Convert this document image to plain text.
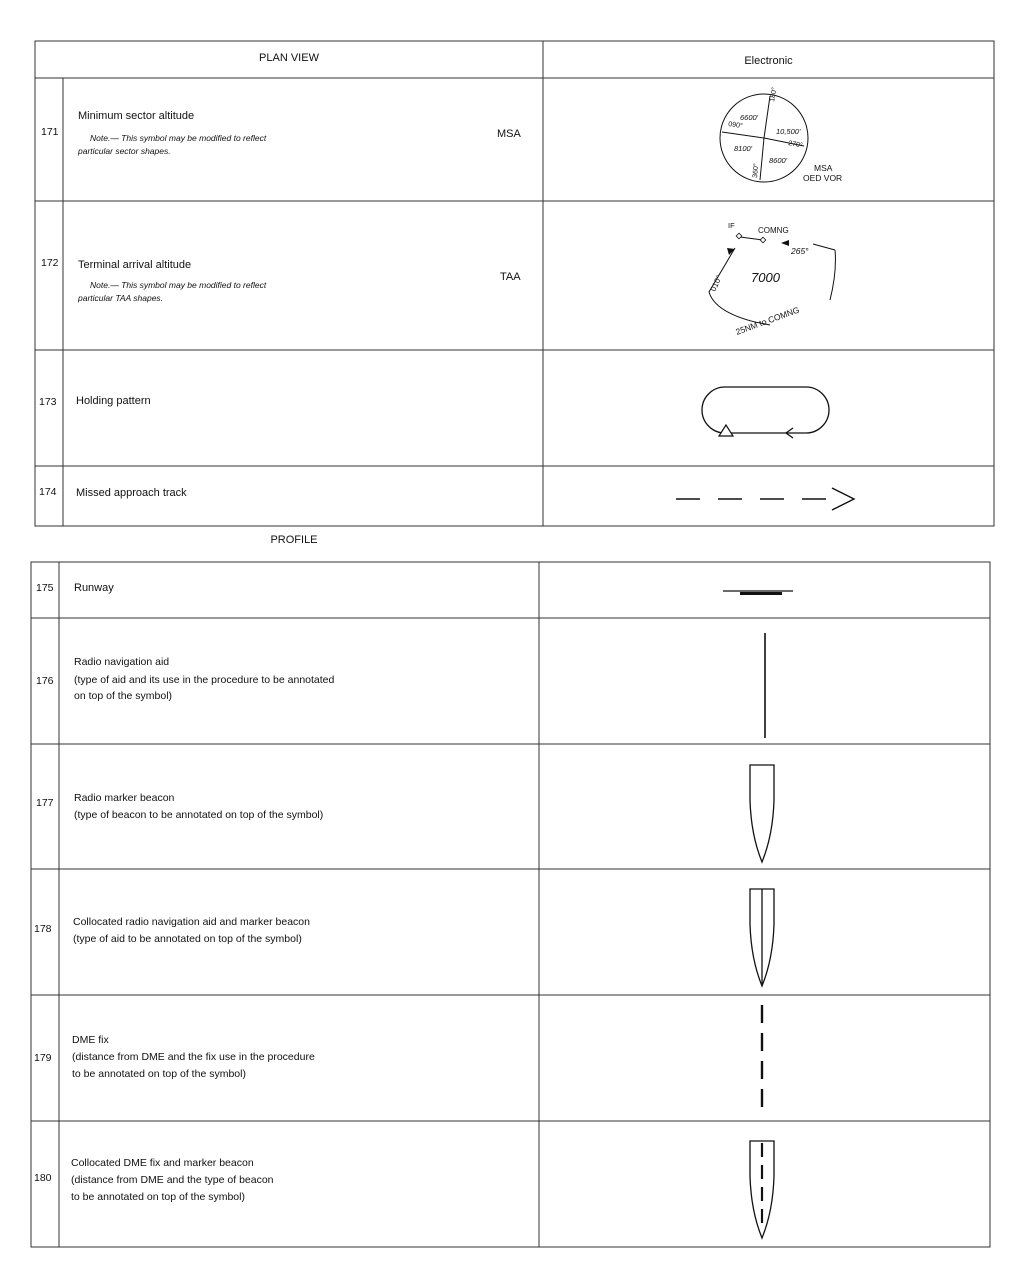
PLAN VIEW	Electronic
171
Minimum sector altitude
Note.— This symbol may be modified to reflect
particular sector shapes.
MSA
172 Terminal arrival altitude
Note.— This symbol may be modified to reflect
particular TAA shapes.
TAA
173 Holding pattern
174 Missed approach track
180°
090°
270°
360°
6600'
10,500'
8100'
8600'
MSA
OED VOR
IF
COMNG
265°
010° 7000
25NM to COMNG
PROFILE
175 Runway
176
Radio navigation aid
(type of aid and its use in the procedure to be annotated
on top of the symbol)
177 Radio marker beacon
(type of beacon to be annotated on top of the symbol)
178
Collocated radio navigation aid and marker beacon
(type of aid to be annotated on top of the symbol)
179
DME fix
(distance from DME and the fix use in the procedure
to be annotated on top of the symbol)
180
Collocated DME fix and marker beacon
(distance from DME and the type of beacon
to be annotated on top of the symbol)
